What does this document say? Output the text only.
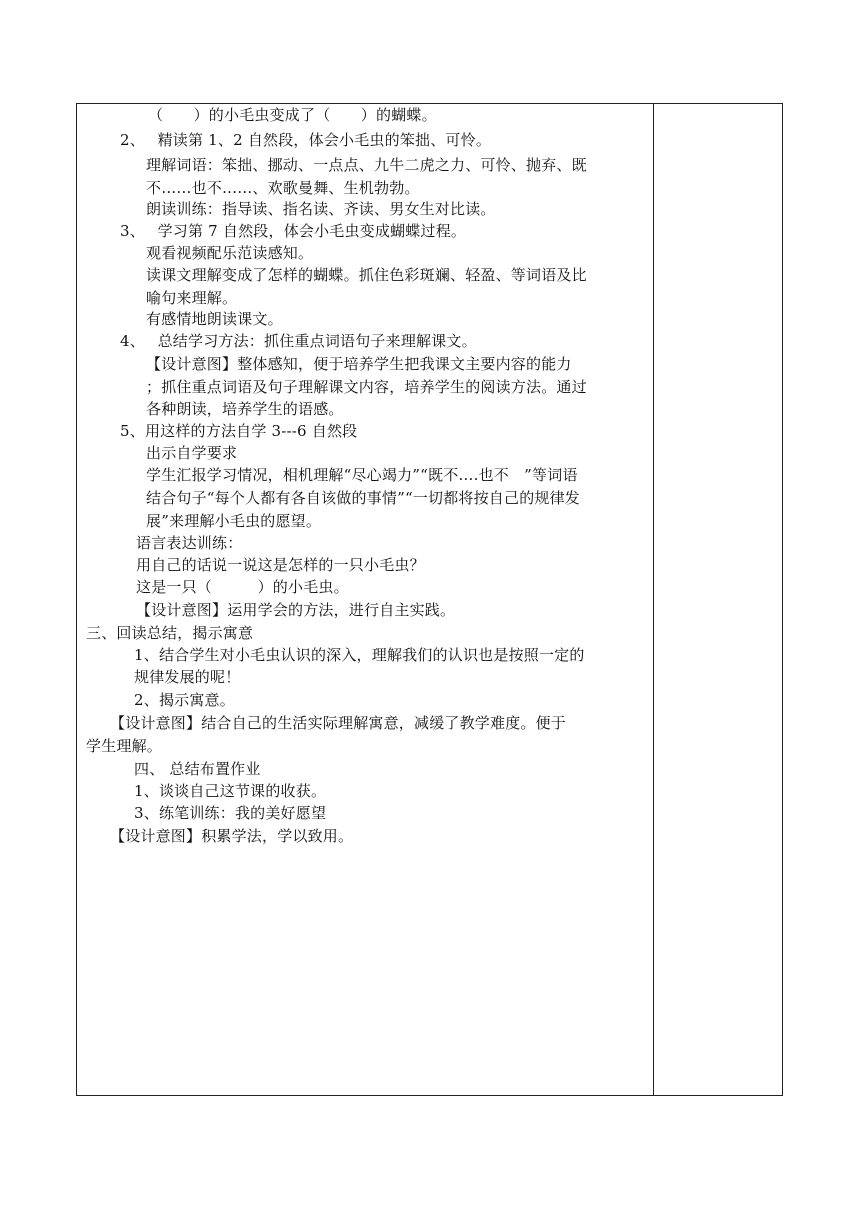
（　　）的小毛虫变成了（　　）的蝴蝶。
2、　 精读第 1、2 自然段，体会小毛虫的笨拙、可怜。
理解词语：笨拙、挪动、一点点、九牛二虎之力、可怜、抛弃、既
不……也不……、欢歌曼舞、生机勃勃。
朗读训练：指导读、指名读、齐读、男女生对比读。
3、　 学习第 7 自然段，体会小毛虫变成蝴蝶过程。
观看视频配乐范读感知。
读课文理解变成了怎样的蝴蝶。抓住色彩斑斓、轻盈、等词语及比
喻句来理解。
有感情地朗读课文。
4、　 总结学习方法：抓住重点词语句子来理解课文。
【设计意图】整体感知，便于培养学生把我课文主要内容的能力
；抓住重点词语及句子理解课文内容，培养学生的阅读方法。通过
各种朗读，培养学生的语感。
5、用这样的方法自学 3---6 自然段
出示自学要求
学生汇报学习情况，相机理解“尽心竭力”“既不….也不　”等词语
结合句子“每个人都有各自该做的事情”“一切都将按自己的规律发
展”来理解小毛虫的愿望。
语言表达训练：
用自己的话说一说这是怎样的一只小毛虫？
这是一只（　　　）的小毛虫。
【设计意图】运用学会的方法，进行自主实践。
三、回读总结，揭示寓意
1、结合学生对小毛虫认识的深入，理解我们的认识也是按照一定的
规律发展的呢！
2、揭示寓意。
【设计意图】结合自己的生活实际理解寓意，减缓了教学难度。便于
学生理解。
四、 总结布置作业
1、谈谈自己这节课的收获。
3、练笔训练：我的美好愿望
【设计意图】积累学法，学以致用。
